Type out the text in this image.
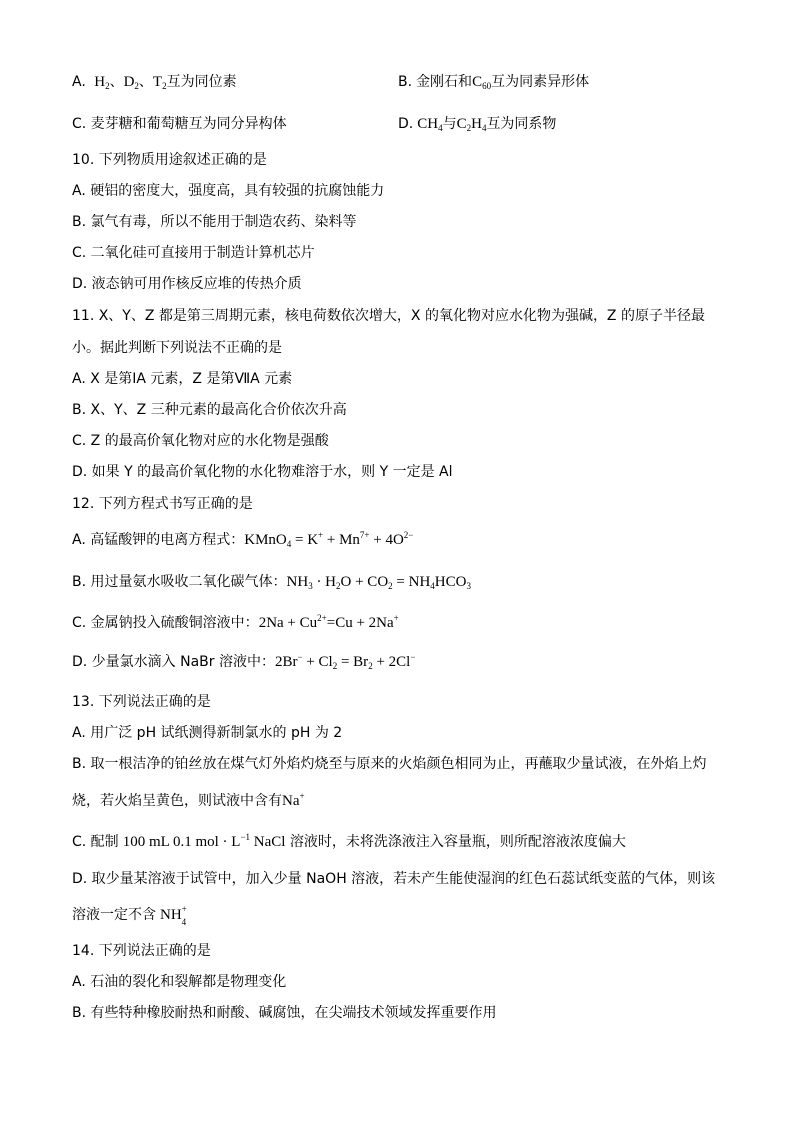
A. $H_2$、$D_2$、$T_2$互为同位素	B. 金刚石和$C_{60}$互为同素异形体
C. 麦芽糖和葡萄糖互为同分异构体	D. $CH_4$与$C_2H_4$互为同系物
10. 下列物质用途叙述正确的是
A. 硬铝的密度大，强度高，具有较强的抗腐蚀能力
B. 氯气有毒，所以不能用于制造农药、染料等
C. 二氧化硅可直接用于制造计算机芯片
D. 液态钠可用作核反应堆的传热介质
11. X、Y、Z 都是第三周期元素，核电荷数依次增大，X 的氧化物对应水化物为强碱，Z 的原子半径最
小。据此判断下列说法不正确的是
A. X 是第ⅠA 元素，Z 是第ⅦA 元素
B. X、Y、Z 三种元素的最高化合价依次升高
C. Z 的最高价氧化物对应的水化物是强酸
D. 如果 Y 的最高价氧化物的水化物难溶于水，则 Y 一定是 Al
12. 下列方程式书写正确的是
A. 高锰酸钾的电离方程式：KMnO$_4$ = $K^+ + Mn^{7+} + 4O^{2-}$
B. 用过量氨水吸收二氧化碳气体：$NH_3 \cdot H_2O + CO_2 = NH_4HCO_3$
C. 金属钠投入硫酸铜溶液中：$2Na + Cu^{2+}=Cu + 2Na^+$
D. 少量氯水滴入 NaBr 溶液中：$2Br^- + Cl_2 = Br_2 + 2Cl^-$
13. 下列说法正确的是
A. 用广泛 pH 试纸测得新制氯水的 pH 为 2
B. 取一根洁净的铂丝放在煤气灯外焰灼烧至与原来的火焰颜色相同为止，再蘸取少量试液，在外焰上灼
烧，若火焰呈黄色，则试液中含有Na+
C. 配制 100 mL 0.1 mol · $L^{-1}$ NaCl 溶液时，未将洗涤液注入容量瓶，则所配溶液浓度偏大
D. 取少量某溶液于试管中，加入少量 NaOH 溶液，若未产生能使湿润的红色石蕊试纸变蓝的气体，则该
溶液一定不含 NH +
4
14. 下列说法正确的是
A. 石油的裂化和裂解都是物理变化
B. 有些特种橡胶耐热和耐酸、碱腐蚀，在尖端技术领域发挥重要作用
